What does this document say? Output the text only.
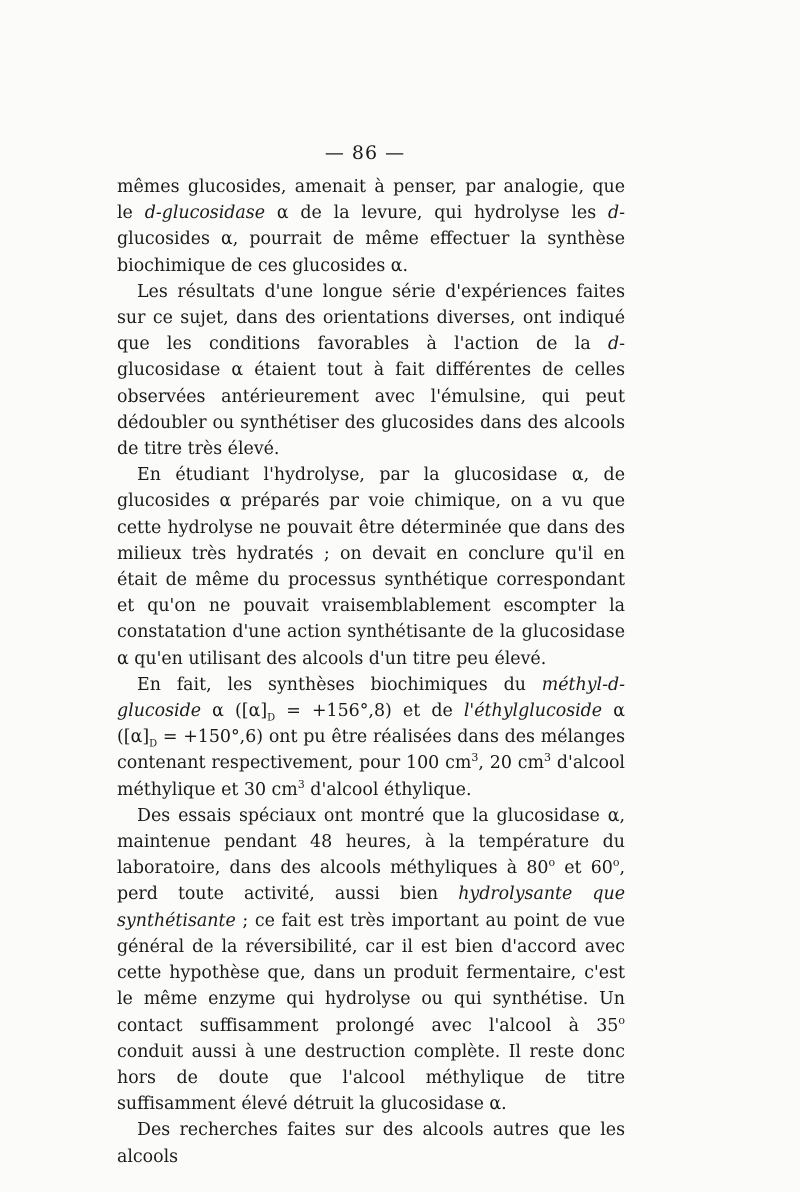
— 86 —

mêmes glucosides, amenait à penser, par analogie, que le d-glucosidase α de la levure, qui hydrolyse les d-glucosides α, pourrait de même effectuer la synthèse biochimique de ces glucosides α.

Les résultats d'une longue série d'expériences faites sur ce sujet, dans des orientations diverses, ont indiqué que les conditions favorables à l'action de la d-glucosidase α étaient tout à fait différentes de celles observées antérieurement avec l'émulsine, qui peut dédoubler ou synthétiser des glucosides dans des alcools de titre très élevé.

En étudiant l'hydrolyse, par la glucosidase α, de glucosides α préparés par voie chimique, on a vu que cette hydrolyse ne pouvait être déterminée que dans des milieux très hydratés ; on devait en conclure qu'il en était de même du processus synthétique correspondant et qu'on ne pouvait vraisemblablement escompter la constatation d'une action synthétisante de la glucosidase α qu'en utilisant des alcools d'un titre peu élevé.

En fait, les synthèses biochimiques du méthyl-d-glucoside α $([\alpha]_D = +156^\circ,8)$ et de l'éthylglucoside α $([\alpha]_D = +150^\circ,6)$ ont pu être réalisées dans des mélanges contenant respectivement, pour 100 $cm^3$, 20 $cm^3$ d'alcool méthylique et 30 $cm^3$ d'alcool éthylique.

Des essais spéciaux ont montré que la glucosidase α, maintenue pendant 48 heures, à la température du laboratoire, dans des alcools méthyliques à 80$^o$ et 60$^o$, perd toute activité, aussi bien hydrolysante que synthétisante ; ce fait est très important au point de vue général de la réversibilité, car il est bien d'accord avec cette hypothèse que, dans un produit fermentaire, c'est le même enzyme qui hydrolyse ou qui synthétise. Un contact suffisamment prolongé avec l'alcool à 35$^o$ conduit aussi à une destruction complète. Il reste donc hors de doute que l'alcool méthylique de titre suffisamment élevé détruit la glucosidase α.

Des recherches faites sur des alcools autres que les alcools
